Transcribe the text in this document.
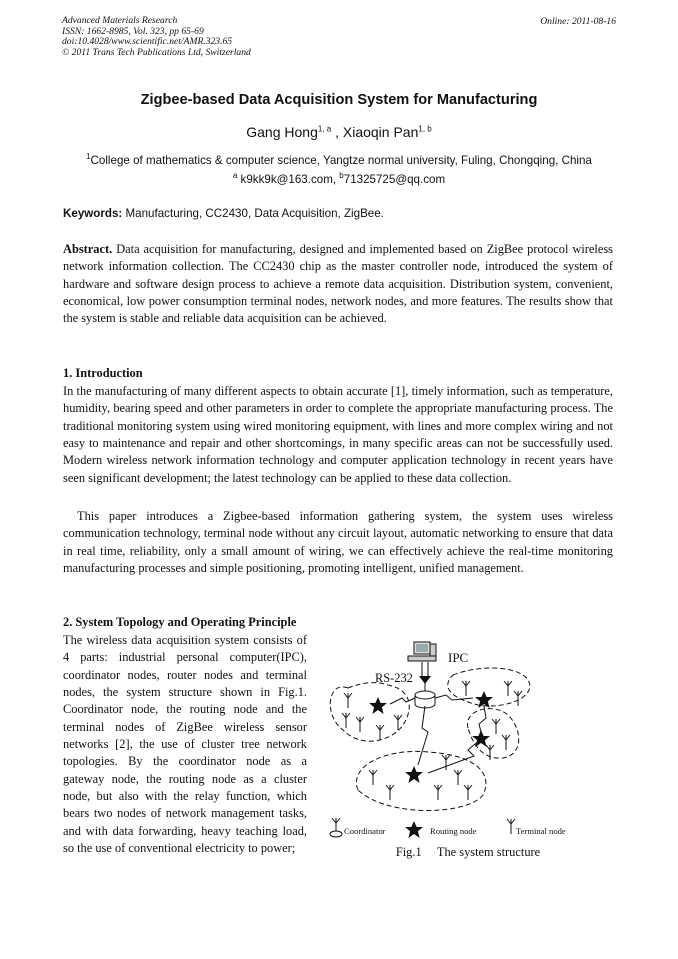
Advanced Materials Research
ISSN: 1662-8985, Vol. 323, pp 65-69
doi:10.4028/www.scientific.net/AMR.323.65
© 2011 Trans Tech Publications Ltd, Switzerland
Online: 2011-08-16
Zigbee-based Data Acquisition System for Manufacturing
Gang Hong$^{1, a}$ , Xiaoqin Pan$^{1, b}$
$^1$College of mathematics & computer science, Yangtze normal university, Fuling, Chongqing, China
$^a$ k9kk9k@163.com, $^b$71325725@qq.com
Keywords: Manufacturing, CC2430, Data Acquisition, ZigBee.
Abstract. Data acquisition for manufacturing, designed and implemented based on ZigBee protocol wireless network information collection. The CC2430 chip as the master controller node, introduced the system of hardware and software design process to achieve a remote data acquisition. Distribution system, convenient, economical, low power consumption terminal nodes, network nodes, and more features. The results show that the system is stable and reliable data acquisition can be achieved.
1. Introduction
In the manufacturing of many different aspects to obtain accurate [1], timely information, such as temperature, humidity, bearing speed and other parameters in order to complete the appropriate manufacturing process. The traditional monitoring system using wired monitoring equipment, with lines and more complex wiring and not easy to maintenance and repair and other shortcomings, in many specific areas can not be successfully used. Modern wireless network information technology and computer application technology in recent years have seen significant development; the latest technology can be applied to these data collection.
This paper introduces a Zigbee-based information gathering system, the system uses wireless communication technology, terminal node without any circuit layout, automatic networking to ensure that data in real time, reliability, only a small amount of wiring, we can effectively achieve the real-time monitoring manufacturing processes and simple positioning, promoting intelligent, unified management.
2. System Topology and Operating Principle
The wireless data acquisition system consists of 4 parts: industrial personal computer(IPC), coordinator nodes, router nodes and terminal nodes, the system structure shown in Fig.1. Coordinator node, the routing node and the terminal nodes of ZigBee wireless sensor networks [2], the use of cluster tree network topologies. By the coordinator node as a gateway node, the routing node as a cluster node, but also with the relay function, which bears two nodes of network management tasks, and with data forwarding, heavy teaching load, so the use of conventional electricity to power;
IPC
RS-232
Coordinator	Routing node	Terminal node
Fig.1     The system structure
